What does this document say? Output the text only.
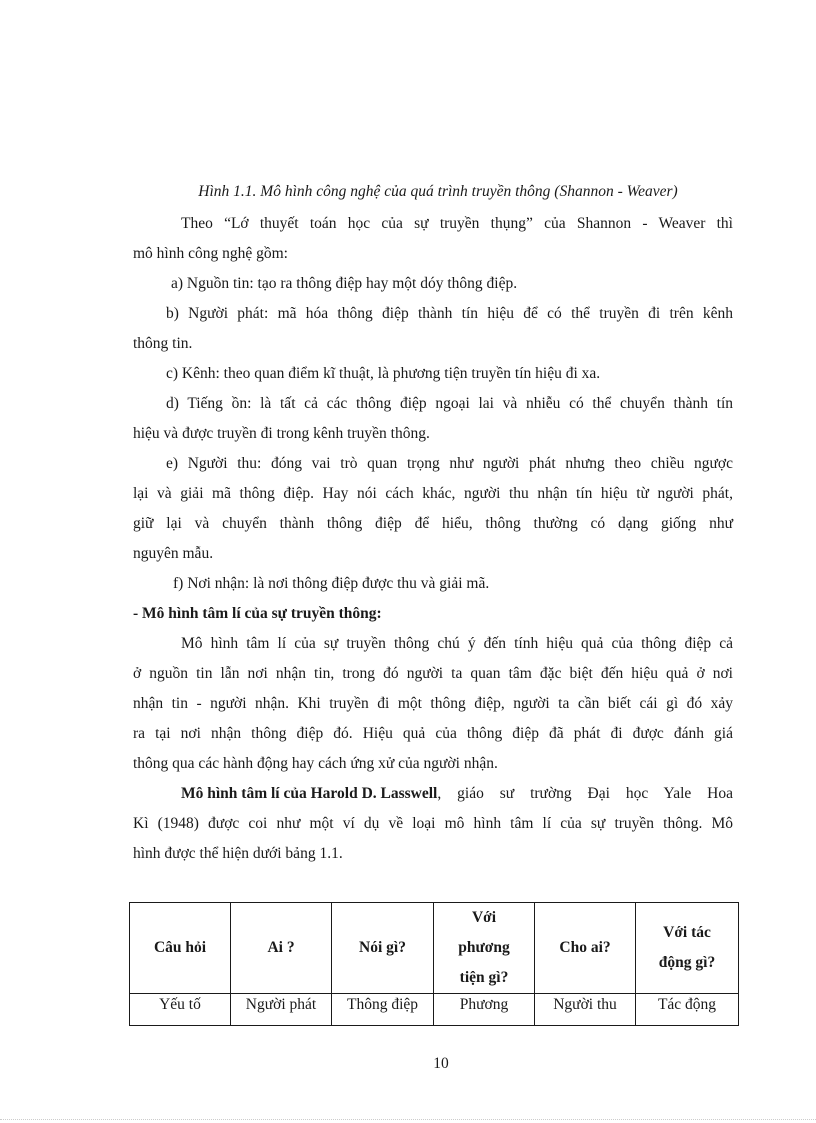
Hình 1.1. Mô hình công nghệ của quá trình truyền thông (Shannon - Weaver)
Theo “Lớ thuyết toán học của sự truyền thụng” của Shannon - Weaver thì
mô hình công nghệ gồm:
a) Nguồn tin: tạo ra thông điệp hay một dóy thông điệp.
b) Người phát: mã hóa thông điệp thành tín hiệu để có thể truyền đi trên kênh
thông tin.
c) Kênh: theo quan điểm kĩ thuật, là phương tiện truyền tín hiệu đi xa.
d) Tiếng ồn: là tất cả các thông điệp ngoại lai và nhiễu có thể chuyển thành tín
hiệu và được truyền đi trong kênh truyền thông.
e) Người thu: đóng vai trò quan trọng như người phát nhưng theo chiều ngược
lại và giải mã thông điệp. Hay nói cách khác, người thu nhận tín hiệu từ người phát,
giữ lại và chuyển thành thông điệp để hiểu, thông thường có dạng giống như
nguyên mẫu.
f) Nơi nhận: là nơi thông điệp được thu và giải mã.
- Mô hình tâm lí của sự truyền thông:
Mô hình tâm lí của sự truyền thông chú ý đến tính hiệu quả của thông điệp cả
ở nguồn tin lẫn nơi nhận tin, trong đó người ta quan tâm đặc biệt đến hiệu quả ở nơi
nhận tin - người nhận. Khi truyền đi một thông điệp, người ta cần biết cái gì đó xảy
ra tại nơi nhận thông điệp đó. Hiệu quả của thông điệp đã phát đi được đánh giá
thông qua các hành động hay cách ứng xử của người nhận.
Mô hình tâm lí của Harold D. Lasswell , giáo sư trường Đại học Yale Hoa
Kì (1948) được coi như một ví dụ về loại mô hình tâm lí của sự truyền thông. Mô
hình được thể hiện dưới bảng 1.1.
Câu hỏi	Ai ?	Nói gì?	Với
phương
tiện gì?	Cho ai?	Với tác
động gì?
Yếu tố	Người phát	Thông điệp	Phương	Người thu	Tác động
10
